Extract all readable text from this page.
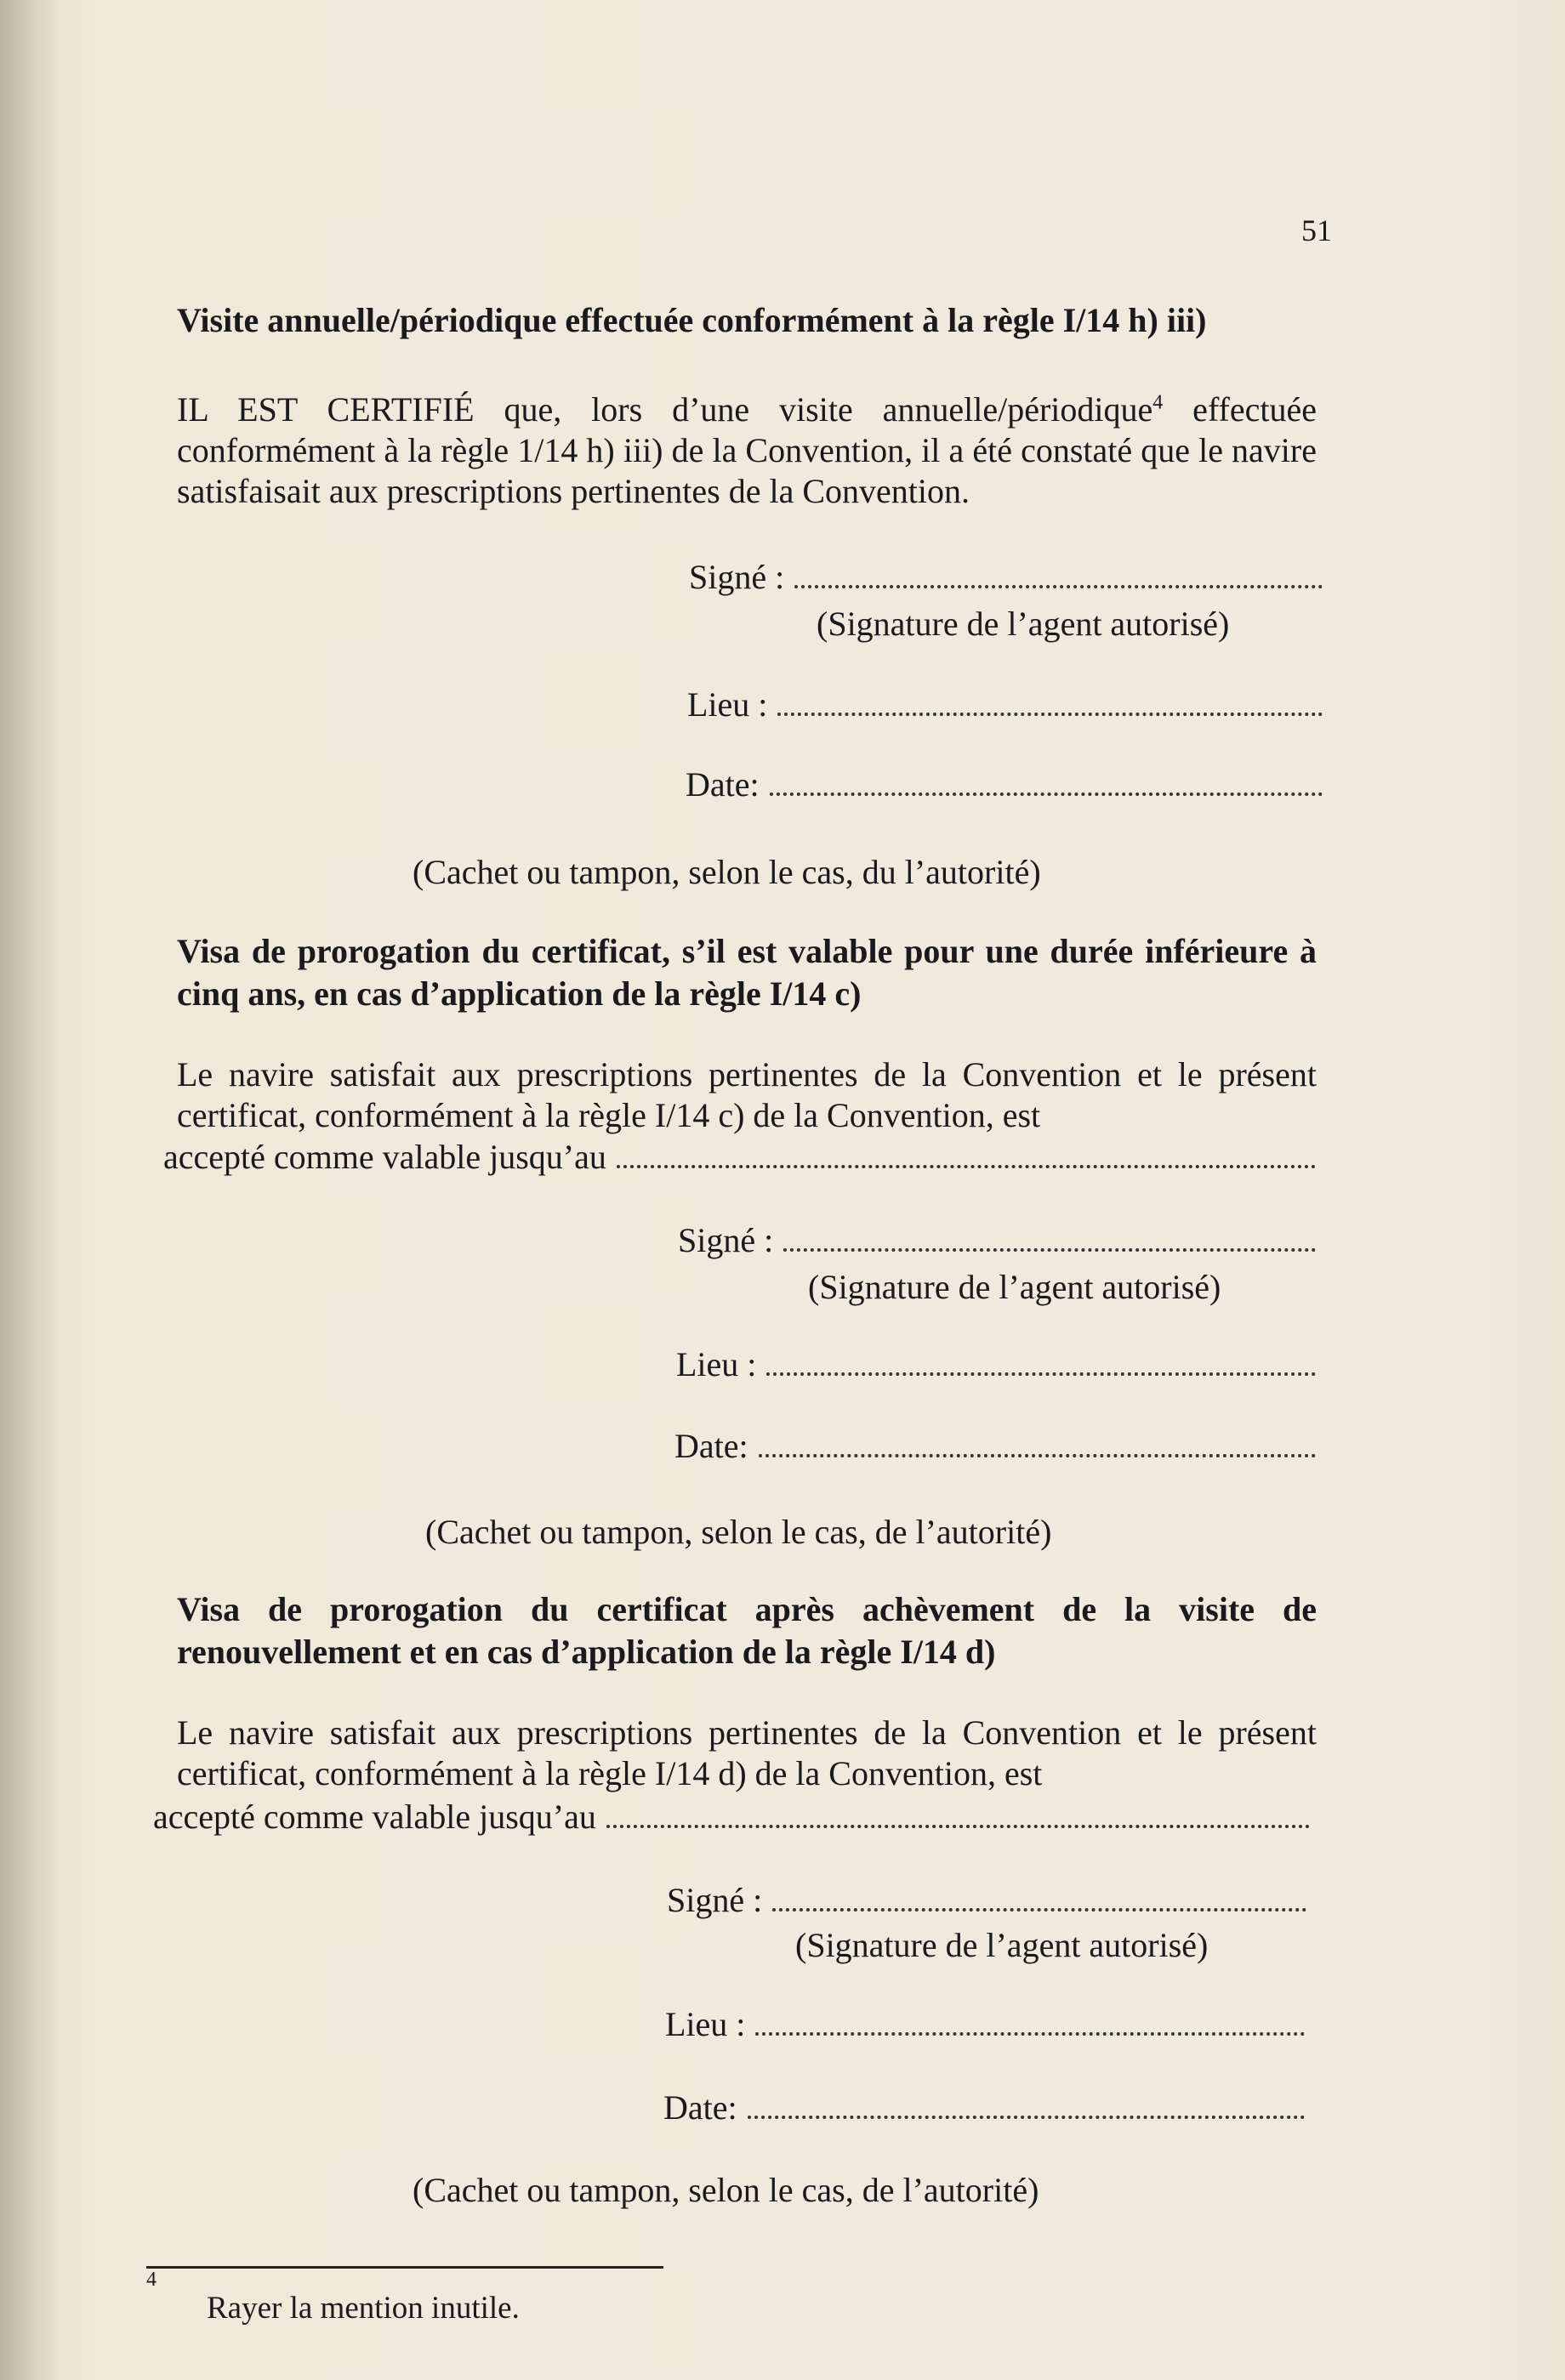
51
Visite annuelle/périodique effectuée conformément à la règle I/14 h) iii)
IL EST CERTIFIÉ que, lors d’une visite annuelle/périodique$^4$ effectuée conformément à la règle 1/14 h) iii) de la Convention, il a été constaté que le navire satisfaisait aux prescriptions pertinentes de la Convention.
Signé :
(Signature de l’agent autorisé)
Lieu :
Date:
(Cachet ou tampon, selon le cas, du l’autorité)
Visa de prorogation du certificat, s’il est valable pour une durée inférieure à cinq ans, en cas d’application de la règle I/14 c)
Le navire satisfait aux prescriptions pertinentes de la Convention et le présent certificat, conformément à la règle I/14 c) de la Convention, est
accepté comme valable jusqu’au
Signé :
(Signature de l’agent autorisé)
Lieu :
Date:
(Cachet ou tampon, selon le cas, de l’autorité)
Visa de prorogation du certificat après achèvement de la visite de renouvellement et en cas d’application de la règle I/14 d)
Le navire satisfait aux prescriptions pertinentes de la Convention et le présent certificat, conformément à la règle I/14 d) de la Convention, est
accepté comme valable jusqu’au
Signé :
(Signature de l’agent autorisé)
Lieu :
Date:
(Cachet ou tampon, selon le cas, de l’autorité)
4
Rayer la mention inutile.
